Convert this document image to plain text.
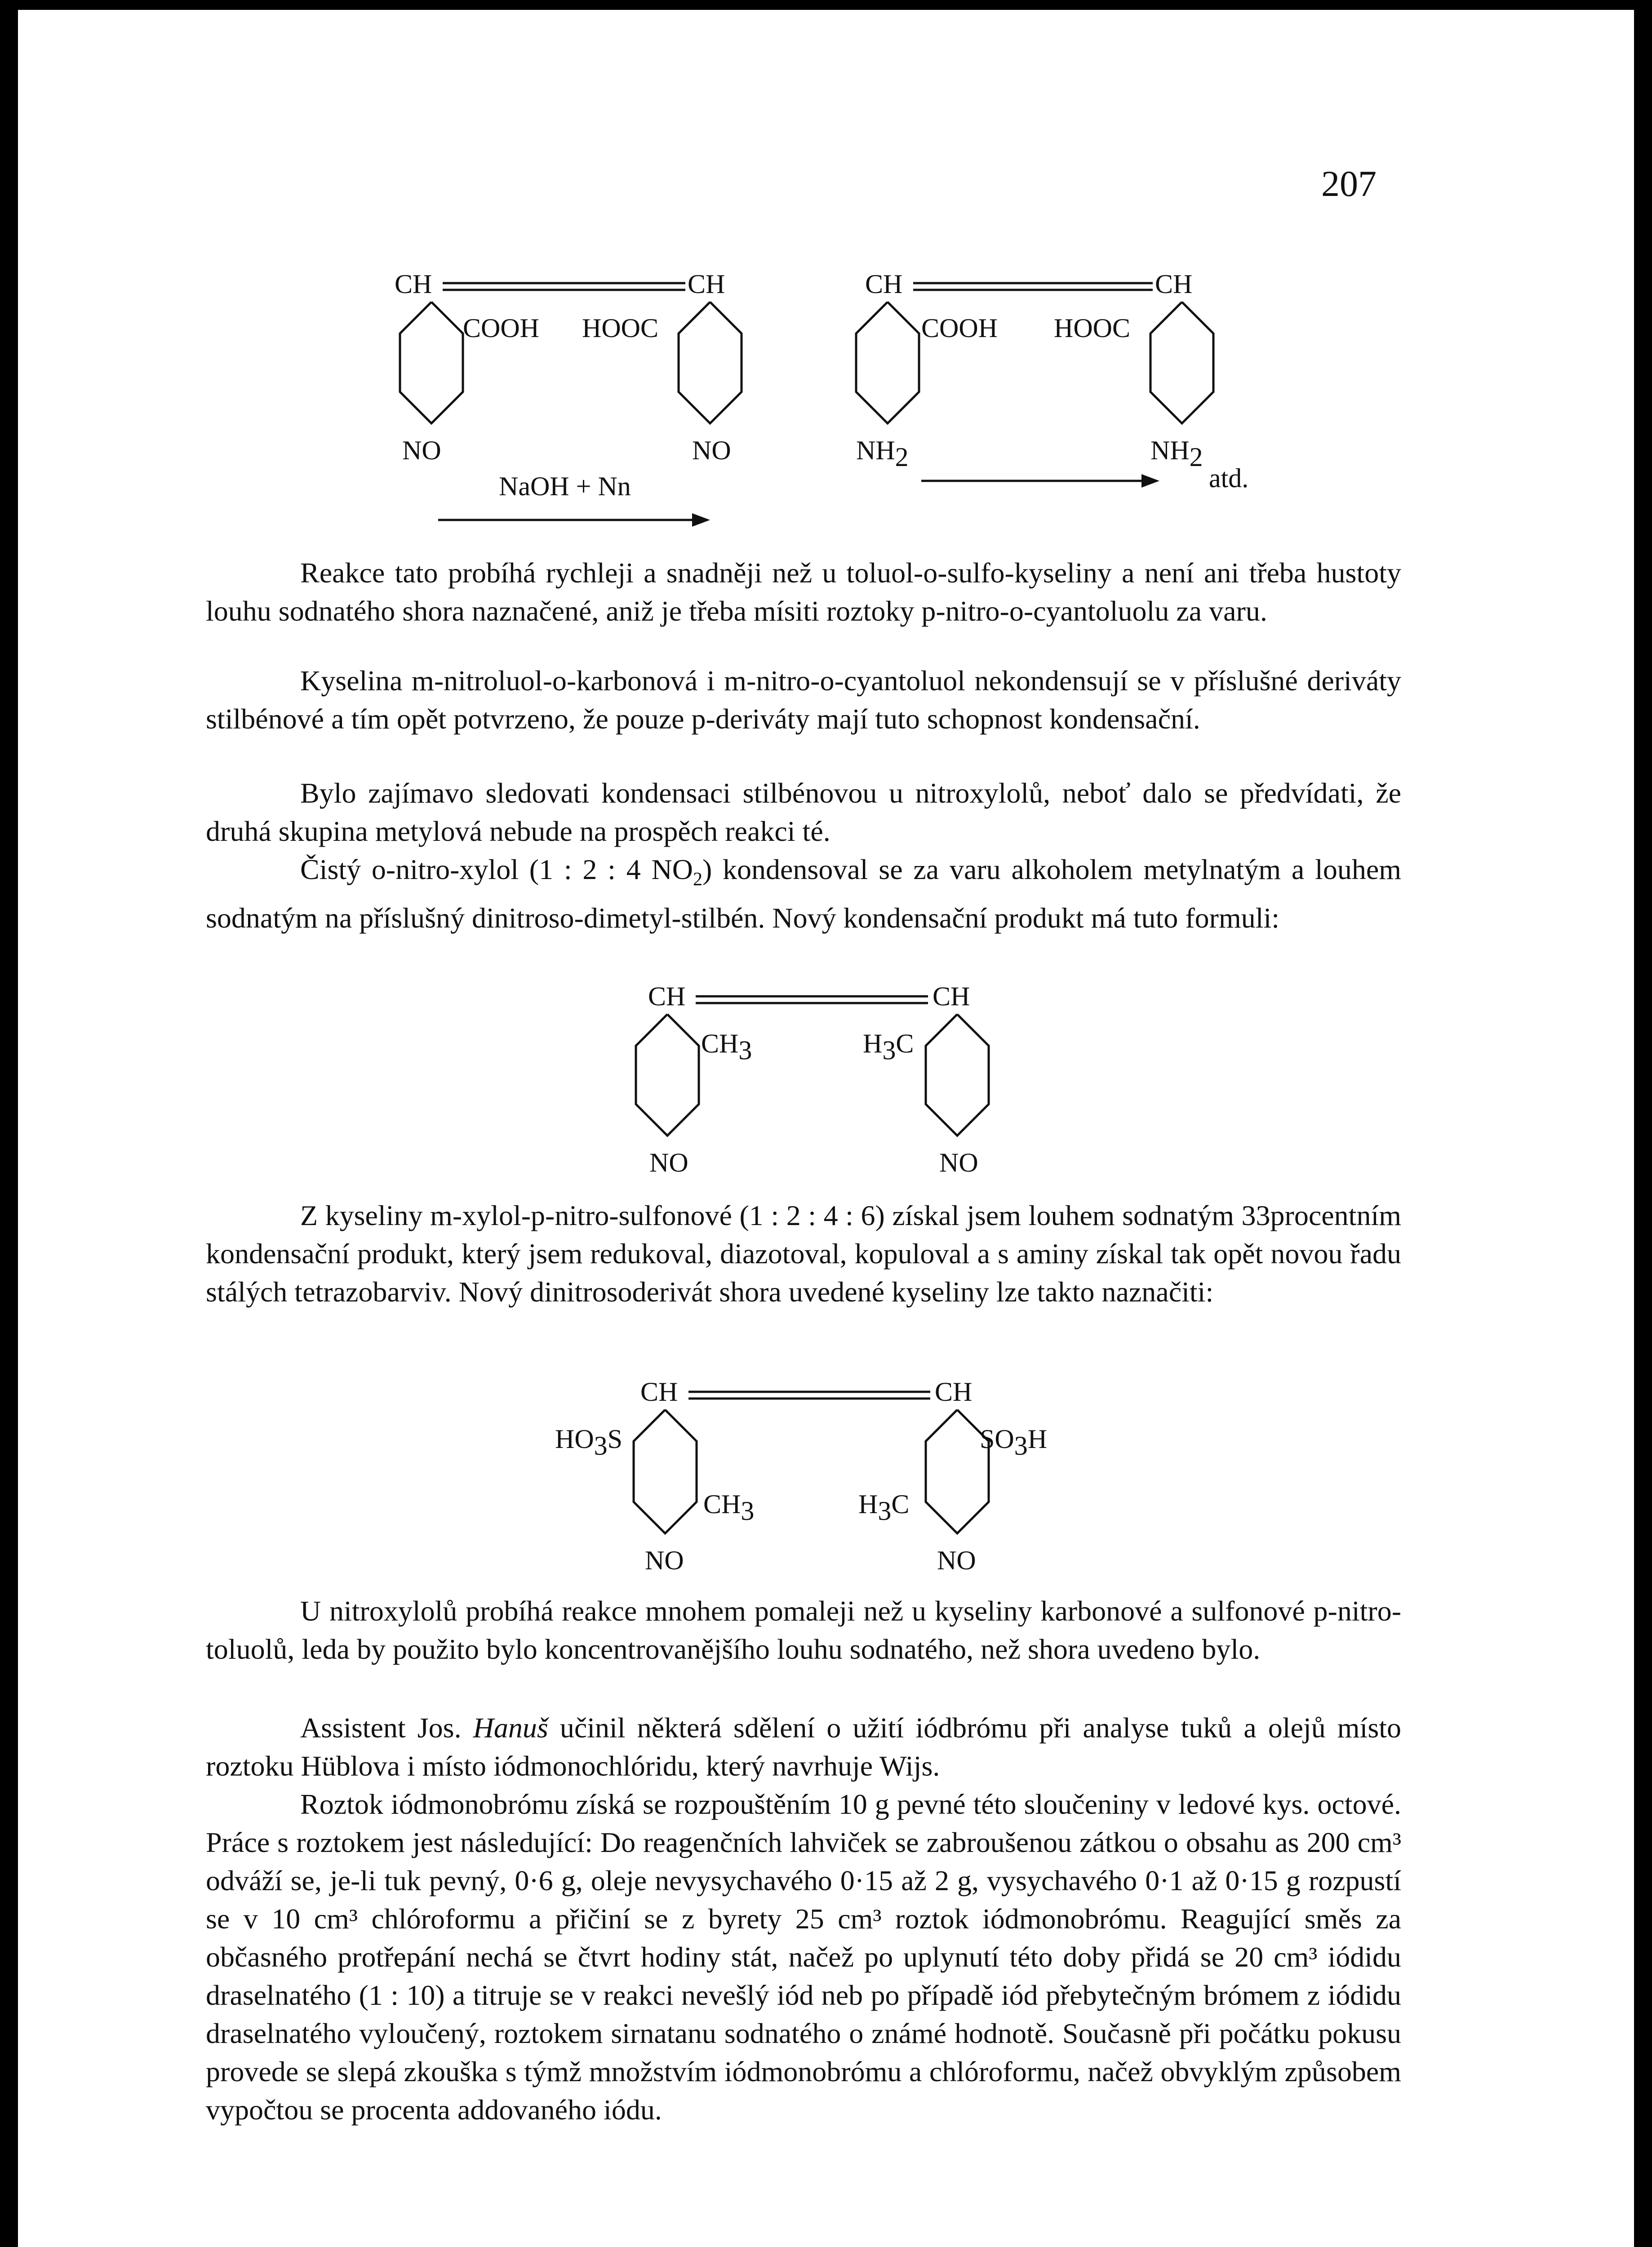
207
CH	CH
COOH
NO
HOOC
NO
NaOH + Nn
CH	CH
COOH HOOC
NH2	NH2
atd.
CH	CH
CH3	H3C
NO	NO
CH	CH
HO3S
CH3
SO3H
H3C
NO	NO

Reakce tato probíhá rychleji a snadněji než u toluol-o-sulfo-kyseliny a není ani třeba hustoty louhu sodnatého shora naznačené, aniž je třeba mísiti roztoky p-nitro-o-cyantoluolu za varu.

Kyselina m-nitroluol-o-karbonová i m-nitro-o-cyantoluol nekondensují se v příslušné deriváty stilbénové a tím opět potvrzeno, že pouze p-deriváty mají tuto schopnost kondensační.

Bylo zajímavo sledovati kondensaci stilbénovou u nitroxylolů, neboť dalo se předvídati, že druhá skupina metylová nebude na prospěch reakci té.

Čistý o-nitro-xylol (1 : 2 : 4 $NO_2$) kondensoval se za varu alkoholem metylnatým a louhem sodnatým na příslušný dinitroso-dimetyl-stilbén. Nový kondensační produkt má tuto formuli:

Z kyseliny m-xylol-p-nitro-sulfonové (1 : 2 : 4 : 6) získal jsem louhem sodnatým 33procentním kondensační produkt, který jsem redukoval, diazotoval, kopuloval a s aminy získal tak opět novou řadu stálých tetrazobarviv. Nový dinitrosoderivát shora uvedené kyseliny lze takto naznačiti:

U nitroxylolů probíhá reakce mnohem pomaleji než u kyseliny karbonové a sulfonové p-nitro-toluolů, leda by použito bylo koncentrovanějšího louhu sodnatého, než shora uvedeno bylo.

Assistent Jos. Hanuš učinil některá sdělení o užití iódbrómu při analyse tuků a olejů místo roztoku Hüblova i místo iódmonochlóridu, který navrhuje Wijs.

Roztok iódmonobrómu získá se rozpouštěním 10 g pevné této sloučeniny v ledové kys. octové. Práce s roztokem jest následující: Do reagenčních lahviček se zabroušenou zátkou o obsahu as 200 cm³ odváží se, je-li tuk pevný, 0·6 g, oleje nevysychavého 0·15 až 2 g, vysychavého 0·1 až 0·15 g rozpustí se v 10 cm³ chlóroformu a přičiní se z byrety 25 cm³ roztok iódmonobrómu. Reagující směs za občasného protřepání nechá se čtvrt hodiny stát, načež po uplynutí této doby přidá se 20 cm³ iódidu draselnatého (1 : 10) a titruje se v reakci nevešlý iód neb po případě iód přebytečným brómem z iódidu draselnatého vyloučený, roztokem sirnatanu sodnatého o známé hodnotě. Současně při počátku pokusu provede se slepá zkouška s týmž množstvím iódmonobrómu a chlóroformu, načež obvyklým způsobem vypočtou se procenta addovaného iódu.
